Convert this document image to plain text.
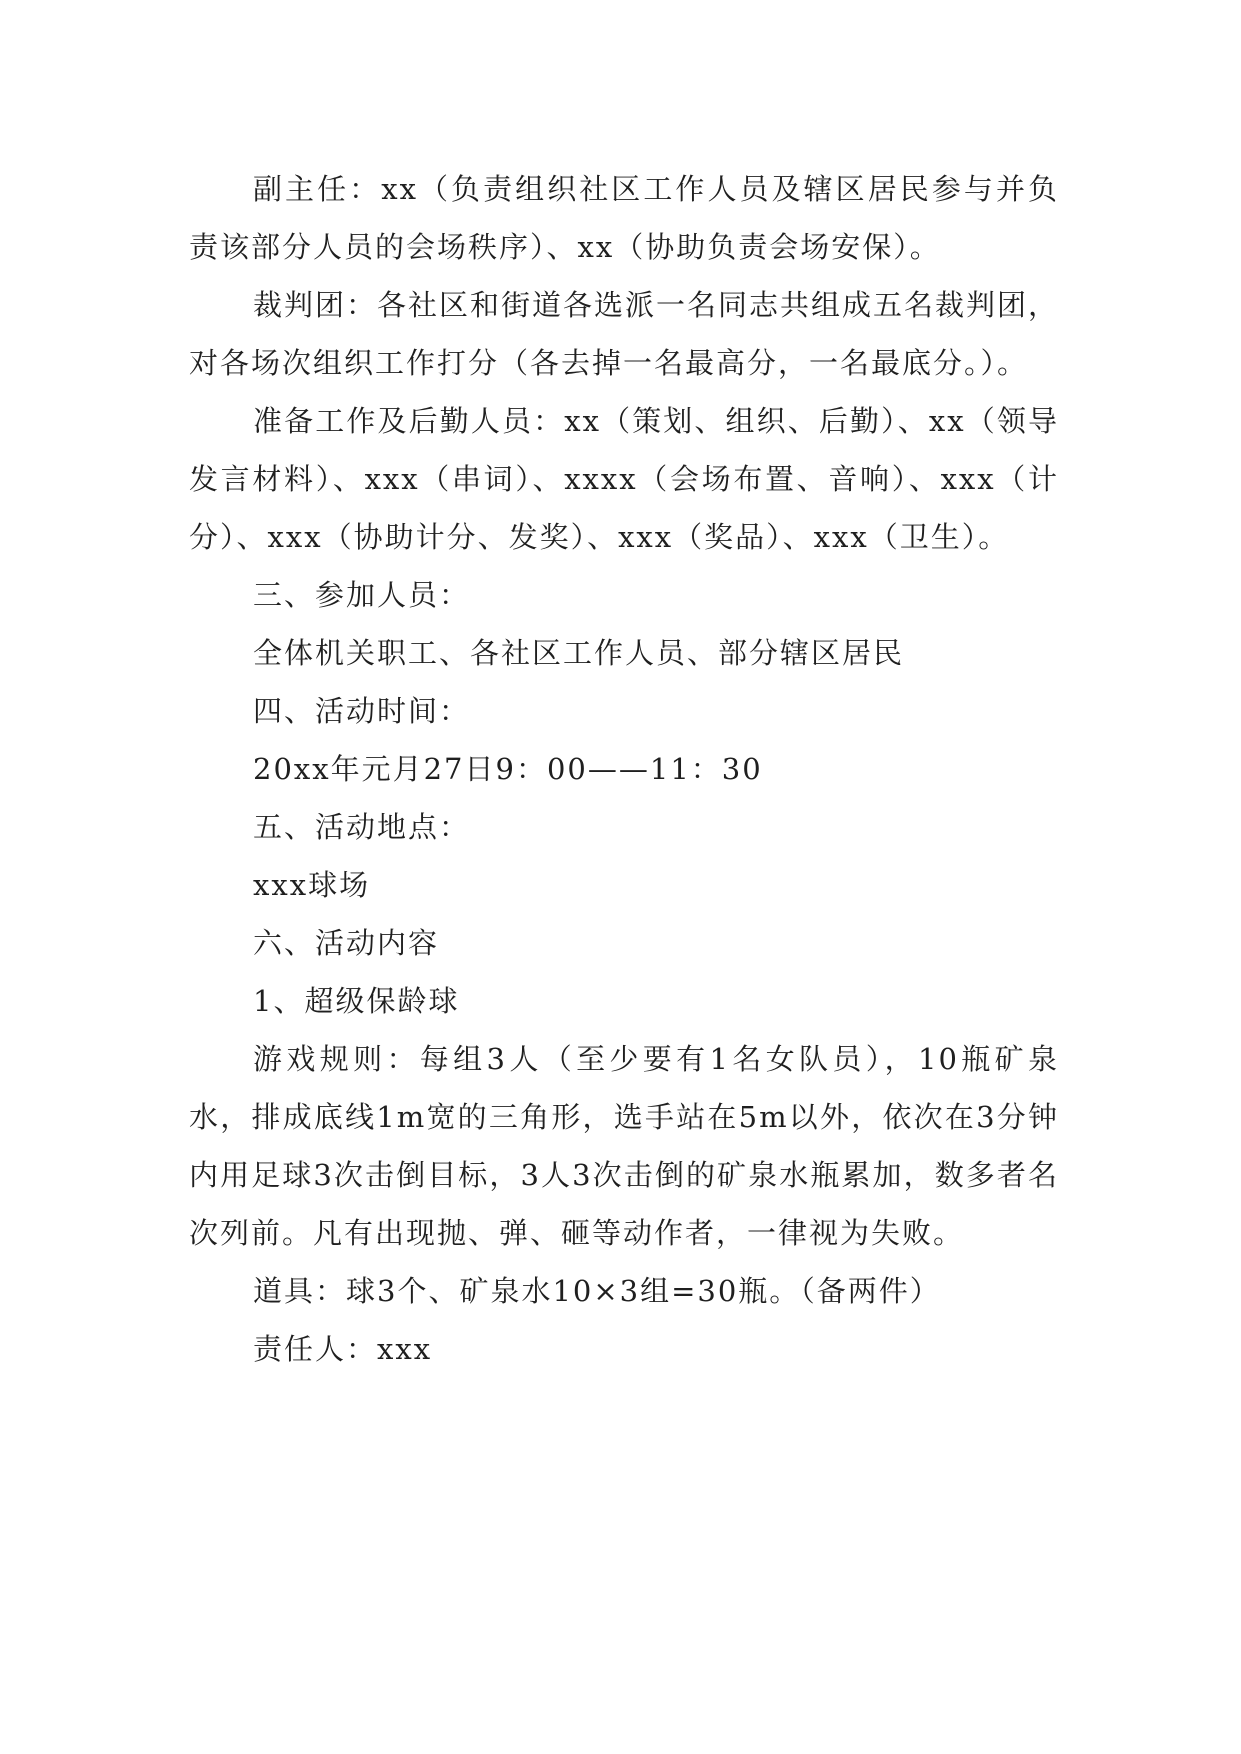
副主任：xx（负责组织社区工作人员及辖区居民参与并负责该部分人员的会场秩序）、xx（协助负责会场安保）。

裁判团：各社区和街道各选派一名同志共组成五名裁判团，对各场次组织工作打分（各去掉一名最高分，一名最底分。）。

准备工作及后勤人员：xx（策划、组织、后勤）、xx（领导发言材料）、xxx（串词）、xxxx（会场布置、音响）、xxx（计分）、xxx（协助计分、发奖）、xxx（奖品）、xxx（卫生）。

三、参加人员：

全体机关职工、各社区工作人员、部分辖区居民

四、活动时间：

20xx年元月27日9：00——11：30

五、活动地点：

xxx球场

六、活动内容

1、超级保龄球

游戏规则：每组3人（至少要有1名女队员），10瓶矿泉水，排成底线1m宽的三角形，选手站在5m以外，依次在3分钟内用足球3次击倒目标，3人3次击倒的矿泉水瓶累加，数多者名次列前。凡有出现抛、弹、砸等动作者，一律视为失败。

道具：球3个、矿泉水10×3组=30瓶。（备两件）

责任人：xxx
